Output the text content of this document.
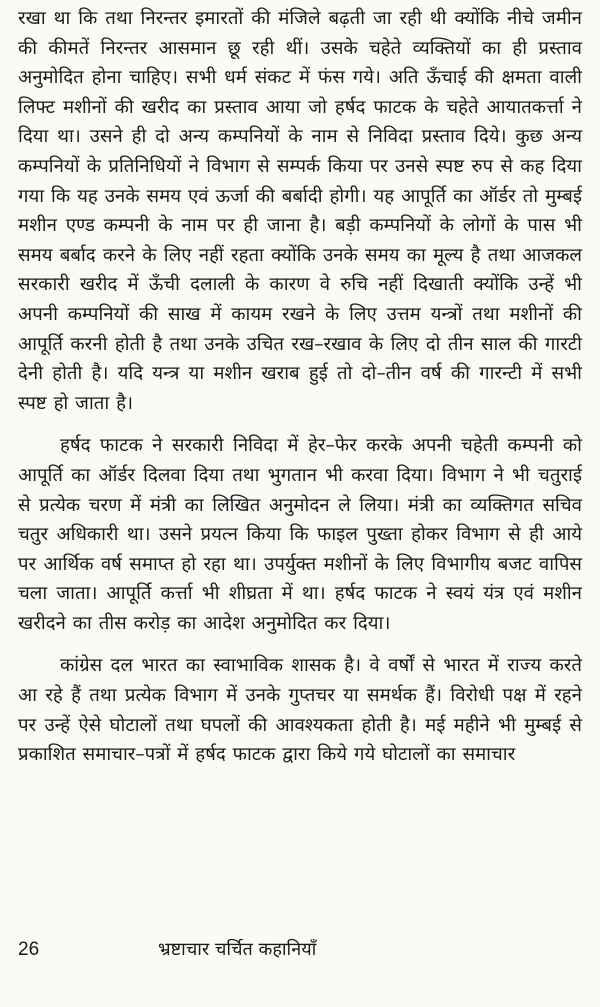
रखा था कि तथा निरन्तर इमारतों की मंजिले बढ़ती जा रही थी क्योंकि नीचे जमीन की कीमतें निरन्तर आसमान छू रही थीं। उसके चहेते व्यक्तियों का ही प्रस्ताव अनुमोदित होना चाहिए। सभी धर्म संकट में फंस गये। अति ऊँचाई की क्षमता वाली लिफ्ट मशीनों की खरीद का प्रस्ताव आया जो हर्षद फाटक के चहेते आयातकर्त्ता ने दिया था। उसने ही दो अन्य कम्पनियों के नाम से निविदा प्रस्ताव दिये। कुछ अन्य कम्पनियों के प्रतिनिधियों ने विभाग से सम्पर्क किया पर उनसे स्पष्ट रुप से कह दिया गया कि यह उनके समय एवं ऊर्जा की बर्बादी होगी। यह आपूर्ति का ऑर्डर तो मुम्बई मशीन एण्ड कम्पनी के नाम पर ही जाना है। बड़ी कम्पनियों के लोगों के पास भी समय बर्बाद करने के लिए नहीं रहता क्योंकि उनके समय का मूल्य है तथा आजकल सरकारी खरीद में ऊँची दलाली के कारण वे रुचि नहीं दिखाती क्योंकि उन्हें भी अपनी कम्पनियों की साख में कायम रखने के लिए उत्तम यन्त्रों तथा मशीनों की आपूर्ति करनी होती है तथा उनके उचित रख–रखाव के लिए दो तीन साल की गारटी देनी होती है। यदि यन्त्र या मशीन खराब हुई तो दो–तीन वर्ष की गारन्टी में सभी स्पष्ट हो जाता है।

हर्षद फाटक ने सरकारी निविदा में हेर–फेर करके अपनी चहेती कम्पनी को आपूर्ति का ऑर्डर दिलवा दिया तथा भुगतान भी करवा दिया। विभाग ने भी चतुराई से प्रत्येक चरण में मंत्री का लिखित अनुमोदन ले लिया। मंत्री का व्यक्तिगत सचिव चतुर अधिकारी था। उसने प्रयत्न किया कि फाइल पुख्ता होकर विभाग से ही आये पर आर्थिक वर्ष समाप्त हो रहा था। उपर्युक्त मशीनों के लिए विभागीय बजट वापिस चला जाता। आपूर्ति कर्त्ता भी शीघ्रता में था। हर्षद फाटक ने स्वयं यंत्र एवं मशीन खरीदने का तीस करोड़ का आदेश अनुमोदित कर दिया।

कांग्रेस दल भारत का स्वाभाविक शासक है। वे वर्षों से भारत में राज्य करते आ रहे हैं तथा प्रत्येक विभाग में उनके गुप्तचर या समर्थक हैं। विरोधी पक्ष में रहने पर उन्हें ऐसे घोटालों तथा घपलों की आवश्यकता होती है। मई महीने भी मुम्बई से प्रकाशित समाचार–पत्रों में हर्षद फाटक द्वारा किये गये घोटालों का समाचार

26	भ्रष्टाचार चर्चित कहानियाँ
